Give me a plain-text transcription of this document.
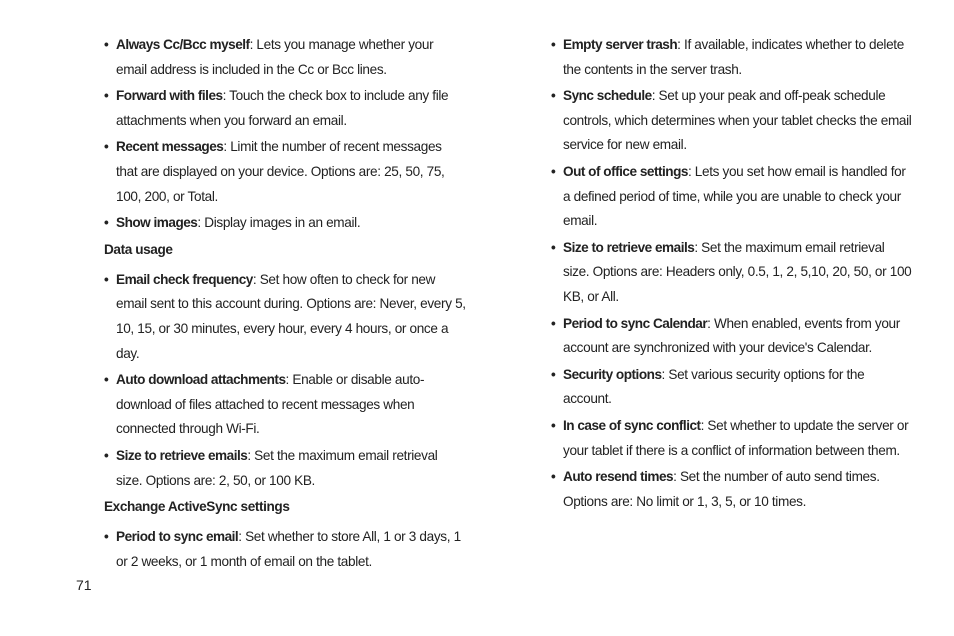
• Always Cc/Bcc myself: Lets you manage whether your email address is included in the Cc or Bcc lines.
• Forward with files: Touch the check box to include any file attachments when you forward an email.
• Recent messages: Limit the number of recent messages that are displayed on your device. Options are: 25, 50, 75, 100, 200, or Total.
• Show images: Display images in an email.
Data usage
• Email check frequency: Set how often to check for new email sent to this account during. Options are: Never, every 5, 10, 15, or 30 minutes, every hour, every 4 hours, or once a day.
• Auto download attachments: Enable or disable auto-download of files attached to recent messages when connected through Wi-Fi.
• Size to retrieve emails: Set the maximum email retrieval size. Options are: 2, 50, or 100 KB.
Exchange ActiveSync settings
• Period to sync email: Set whether to store All, 1 or 3 days, 1 or 2 weeks, or 1 month of email on the tablet.
• Empty server trash: If available, indicates whether to delete the contents in the server trash.
• Sync schedule: Set up your peak and off-peak schedule controls, which determines when your tablet checks the email service for new email.
• Out of office settings: Lets you set how email is handled for a defined period of time, while you are unable to check your email.
• Size to retrieve emails: Set the maximum email retrieval size. Options are: Headers only, 0.5, 1, 2, 5,10, 20, 50, or 100 KB, or All.
• Period to sync Calendar: When enabled, events from your account are synchronized with your device's Calendar.
• Security options: Set various security options for the account.
• In case of sync conflict: Set whether to update the server or your tablet if there is a conflict of information between them.
• Auto resend times: Set the number of auto send times. Options are: No limit or 1, 3, 5, or 10 times.
71
